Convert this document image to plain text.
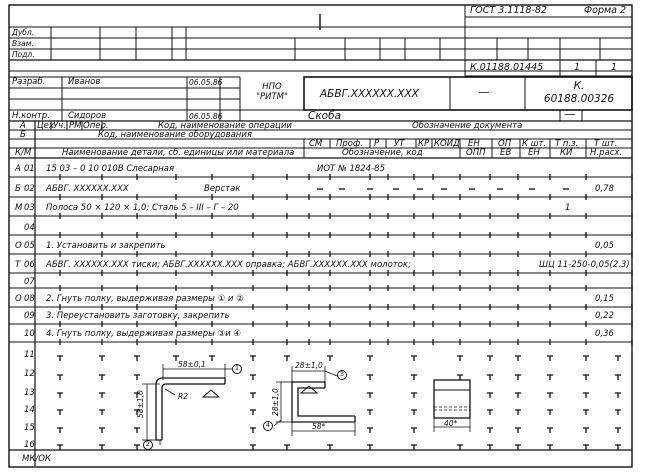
ГОСТ 3.1118-82	Форма 2
Дубл.
Взам.
Подл.
К.01188.01445	1	1
Разраб.	Иванов	06.05.86
Н.контр. Сидоров	06.05.86
НПО
"РИТМ"	АБВГ.ХХХХХХ.ХХХ	—	К.
60188.00326
Скоба	—
А Цех Уч. РМ Опер.	Код, наименование операции	Обозначение документа
Б	Код, наименование оборудования
СМ Проф. Р УТ КР КОИД ЕН ОП К шт. Т п.з. Т шт.
К/М	Наименование детали, сб. единицы или материала	Обозначение, код	ОПП ЕВ ЕН КИ Н.расх.
А 01 15 03 – 0 10 010В Слесарная	ИОТ № 1824-85
Б 02 АБВГ. ХХХХХХ.ХХХ	Верстак	0,78
М 03 Полоса 50 × 120 × 1,0; Сталь 5 – III – Г – 20	1
04
О 05 1. Установить и закрепить	0,05
Т 06 АБВГ. ХХХХХХ.ХХХ тиски; АБВГ.ХХХХХХ.ХХХ оправка; АБВГ.ХХХХХХ.ХХХ молоток;	ШЦ 11-250-0,05(2.3)
07
О 08 2. Гнуть полку, выдерживая размеры ① и ②	0,15
09 3. Переустановить заготовку, закрепить	0,22
10 4. Гнуть полку, выдерживая размеры ③и ④	0,36
11
12
13
14
15
16
58±0,1
58±1,0	R2
28±1,0
28±1,0
58*	40*
1
2
3
4
МК/ОК
